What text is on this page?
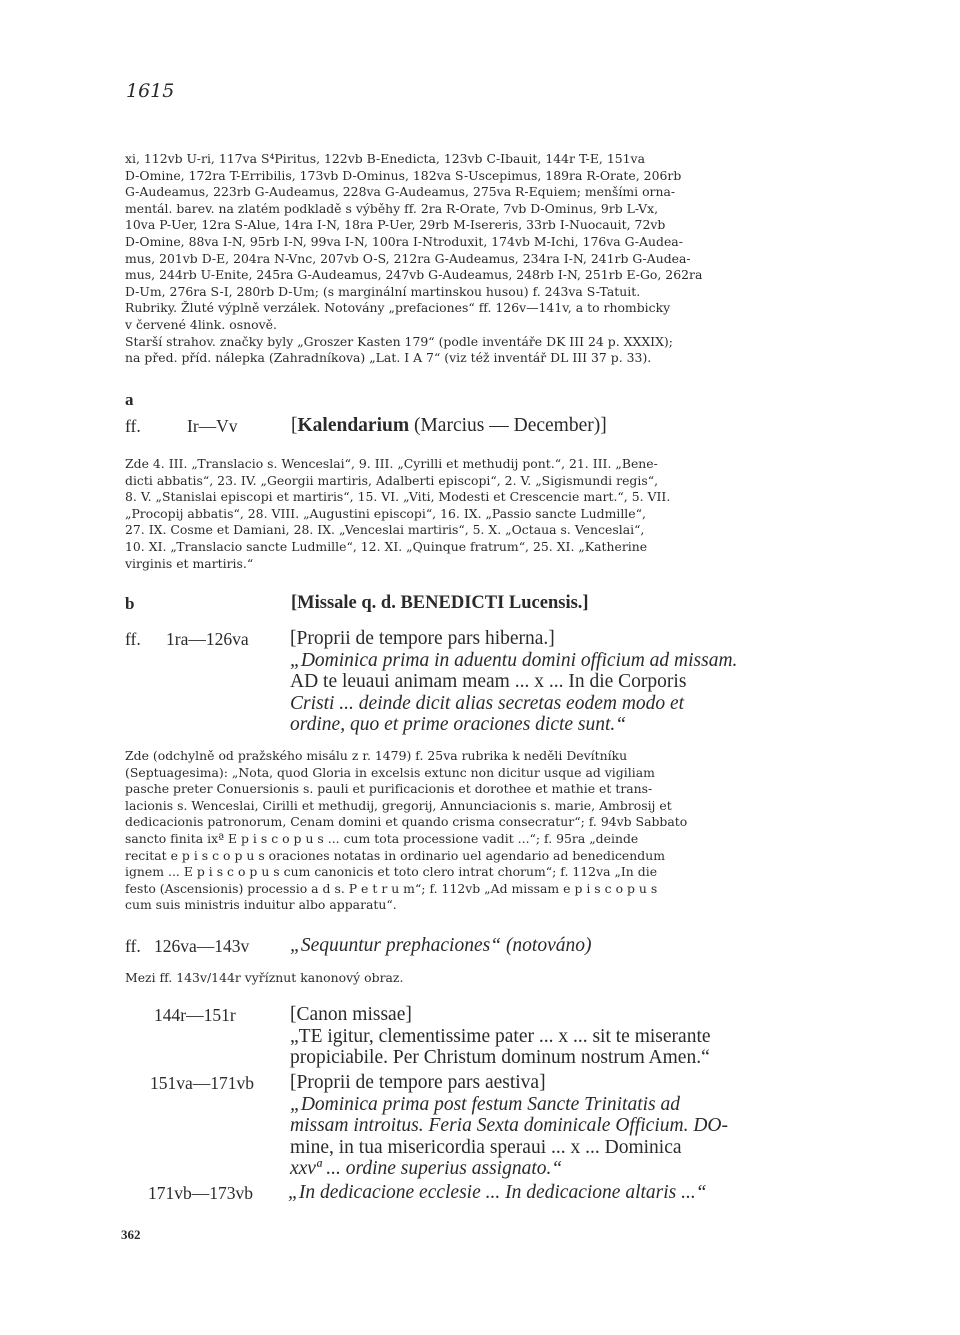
1615

xi, 112vb U-ri, 117va S⁴Piritus, 122vb B-Enedicta, 123vb C-Ibauit, 144r T-E, 151va

D-Omine, 172ra T-Erribilis, 173vb D-Ominus, 182va S-Uscepimus, 189ra R-Orate, 206rb

G-Audeamus, 223rb G-Audeamus, 228va G-Audeamus, 275va R-Equiem; menšími orna-

mentál. barev. na zlatém podkladě s výběhy ff. 2ra R-Orate, 7vb D-Ominus, 9rb L-Vx,

10va P-Uer, 12ra S-Alue, 14ra I-N, 18ra P-Uer, 29rb M-Isereris, 33rb I-Nuocauit, 72vb

D-Omine, 88va I-N, 95rb I-N, 99va I-N, 100ra I-Ntroduxit, 174vb M-Ichi, 176va G-Audea-

mus, 201vb D-E, 204ra N-Vnc, 207vb O-S, 212ra G-Audeamus, 234ra I-N, 241rb G-Audea-

mus, 244rb U-Enite, 245ra G-Audeamus, 247vb G-Audeamus, 248rb I-N, 251rb E-Go, 262ra

D-Um, 276ra S-I, 280rb D-Um; (s marginální martinskou husou) f. 243va S-Tatuit.

Rubriky. Žluté výplně verzálek. Notovány „prefaciones“ ff. 126v—141v, a to rhombicky

v červené 4link. osnově.

Starší strahov. značky byly „Groszer Kasten 179“ (podle inventáře DK III 24 p. XXXIX);

na před. příd. nálepka (Zahradníkova) „Lat. I A 7“ (viz též inventář DL III 37 p. 33).

a
ff.	Ir—Vv	[Kalendarium (Marcius — December)]

Zde 4. III. „Translacio s. Wenceslai“, 9. III. „Cyrilli et methudij pont.“, 21. III. „Bene-

dicti abbatis“, 23. IV. „Georgii martiris, Adalberti episcopi“, 2. V. „Sigismundi regis“,

8. V. „Stanislai episcopi et martiris“, 15. VI. „Viti, Modesti et Crescencie mart.“, 5. VII.

„Procopij abbatis“, 28. VIII. „Augustini episcopi“, 16. IX. „Passio sancte Ludmille“,

27. IX. Cosme et Damiani, 28. IX. „Venceslai martiris“, 5. X. „Octaua s. Venceslai“,

10. XI. „Translacio sancte Ludmille“, 12. XI. „Quinque fratrum“, 25. XI. „Katherine

virginis et martiris.“

b	[Missale q. d. BENEDICTI Lucensis.]
ff. 1ra—126va [Proprii de tempore pars hiberna.]
„Dominica prima in aduentu domini officium ad missam.
AD te leuaui animam meam ... x ... In die Corporis
Cristi ... deinde dicit alias secretas eodem modo et
ordine, quo et prime oraciones dicte sunt.“

Zde (odchylně od pražského misálu z r. 1479) f. 25va rubrika k neděli Devítníku

(Septuagesima): „Nota, quod Gloria in excelsis extunc non dicitur usque ad vigiliam

pasche preter Conuersionis s. pauli et purificacionis et dorothee et mathie et trans-

lacionis s. Wenceslai, Cirilli et methudij, gregorij, Annunciacionis s. marie, Ambrosij et

dedicacionis patronorum, Cenam domini et quando crisma consecratur“; f. 94vb Sabbato

sancto finita ixª E p i s c o p u s ... cum tota processione vadit ...“; f. 95ra „deinde

recitat e p i s c o p u s oraciones notatas in ordinario uel agendario ad benedicendum

ignem ... E p i s c o p u s cum canonicis et toto clero intrat chorum“; f. 112va „In die

festo (Ascensionis) processio a d s. P e t r u m“; f. 112vb „Ad missam e p i s c o p u s

cum suis ministris induitur albo apparatu“.

ff. 126va—143v „Sequuntur prephaciones“ (notováno)
Mezi ff. 143v/144r vyříznut kanonový obraz.
144r—151r	[Canon missae]
„TE igitur, clementissime pater ... x ... sit te miserante
propiciabile. Per Christum dominum nostrum Amen.“
151va—171vb [Proprii de tempore pars aestiva]
„Dominica prima post festum Sancte Trinitatis ad
missam introitus. Feria Sexta dominicale Officium. DO-
mine, in tua misericordia speraui ... x ... Dominica
xxvª ... ordine superius assignato.“
171vb—173vb „In dedicacione ecclesie ... In dedicacione altaris ...“
362
